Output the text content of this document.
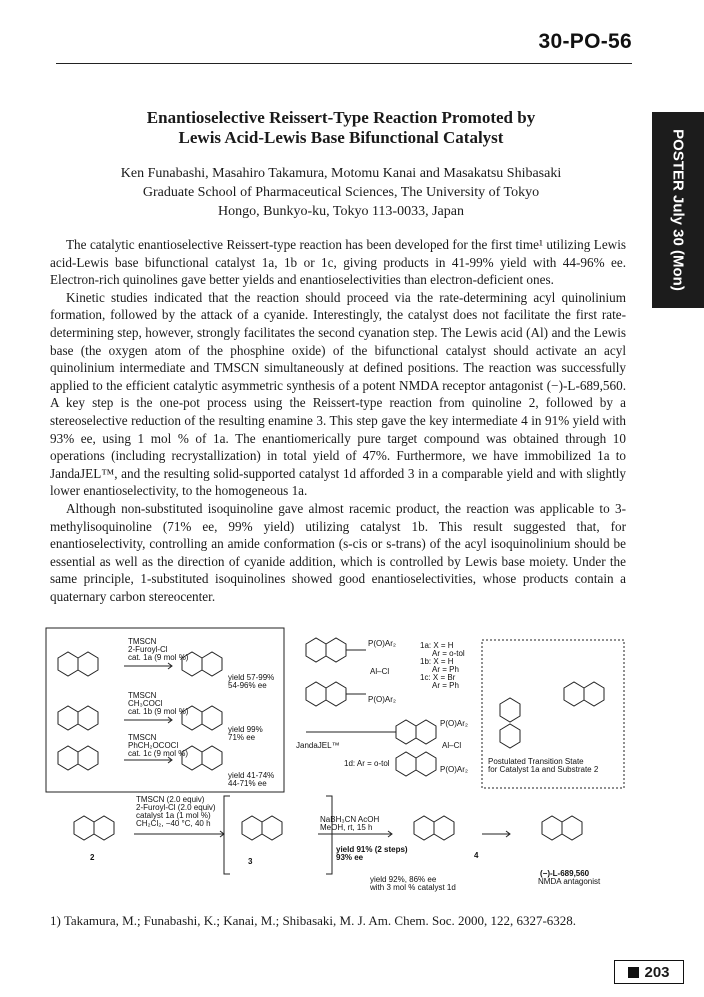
30-PO-56
POSTER July 30 (Mon)
Enantioselective Reissert-Type Reaction Promoted by
Lewis Acid-Lewis Base Bifunctional Catalyst
Ken Funabashi, Masahiro Takamura, Motomu Kanai and Masakatsu Shibasaki
Graduate School of Pharmaceutical Sciences, The University of Tokyo
Hongo, Bunkyo-ku, Tokyo 113-0033, Japan

The catalytic enantioselective Reissert-type reaction has been developed for the first time¹ utilizing Lewis acid-Lewis base bifunctional catalyst 1a, 1b or 1c, giving products in 41-99% yield with 44-96% ee. Electron-rich quinolines gave better yields and enantioselectivities than electron-deficient ones.

Kinetic studies indicated that the reaction should proceed via the rate-determining acyl quinolinium formation, followed by the attack of a cyanide. Interestingly, the catalyst does not facilitate the first rate-determining step, however, strongly facilitates the second cyanation step. The Lewis acid (Al) and the Lewis base (the oxygen atom of the phosphine oxide) of the bifunctional catalyst should activate an acyl quinolinium intermediate and TMSCN simultaneously at defined positions. The reaction was successfully applied to the efficient catalytic asymmetric synthesis of a potent NMDA receptor antagonist (−)-L-689,560. A key step is the one-pot process using the Reissert-type reaction from quinoline 2, followed by a stereoselective reduction of the resulting enamine 3. This step gave the key intermediate 4 in 91% yield with 93% ee, using 1 mol % of 1a. The enantiomerically pure target compound was obtained through 10 operations (including recrystallization) in total yield of 47%. Furthermore, we have immobilized 1a to JandaJEL™, and the resulting solid-supported catalyst 1d afforded 3 in a comparable yield and with slightly lower enantioselectivity, to the homogeneous 1a.

Although non-substituted isoquinoline gave almost racemic product, the reaction was applicable to 3-methylisoquinoline (71% ee, 99% yield) utilizing catalyst 1b. This result suggested that, for enantioselectivity, controlling an amide conformation (s-cis or s-trans) of the acyl isoquinolinium should be essential as well as the direction of cyanide addition, which is controlled by Lewis base moiety. Under the same principle, 1-substituted isoquinolines showed good enantioselectivities, whose products contain a quaternary carbon stereocenter.

TMSCN
2-Furoyl-Cl
cat. 1a (9 mol %)
yield 57-99%
54-96% ee
TMSCN
CH₃COCl
cat. 1b (9 mol %)
yield 99%
71% ee
TMSCN
PhCH₂OCOCl
cat. 1c (9 mol %)
yield 41-74%
44-71% ee
P(O)Ar₂
Al–Cl
P(O)Ar₂
1a: X = H
Ar = o-tol
1b: X = H
Ar = Ph
1c: X = Br
Ar = Ph
JandaJEL™
1d: Ar = o-tol
P(O)Ar₂
Al–Cl
P(O)Ar₂
Postulated Transition State
for Catalyst 1a and Substrate 2
TMSCN (2.0 equiv)
2-Furoyl-Cl (2.0 equiv)
catalyst 1a (1 mol %)
CH₂Cl₂, −40 °C, 40 h	NaBH₃CN AcOH
MeOH, rt, 15 h
yield 91% (2 steps)
93% ee
yield 92%, 86% ee
with 3 mol % catalyst 1d
(−)-L-689,560
NMDA antagonist
2	3
4
1) Takamura, M.; Funabashi, K.; Kanai, M.; Shibasaki, M. J. Am. Chem. Soc. 2000, 122, 6327-6328.
203
